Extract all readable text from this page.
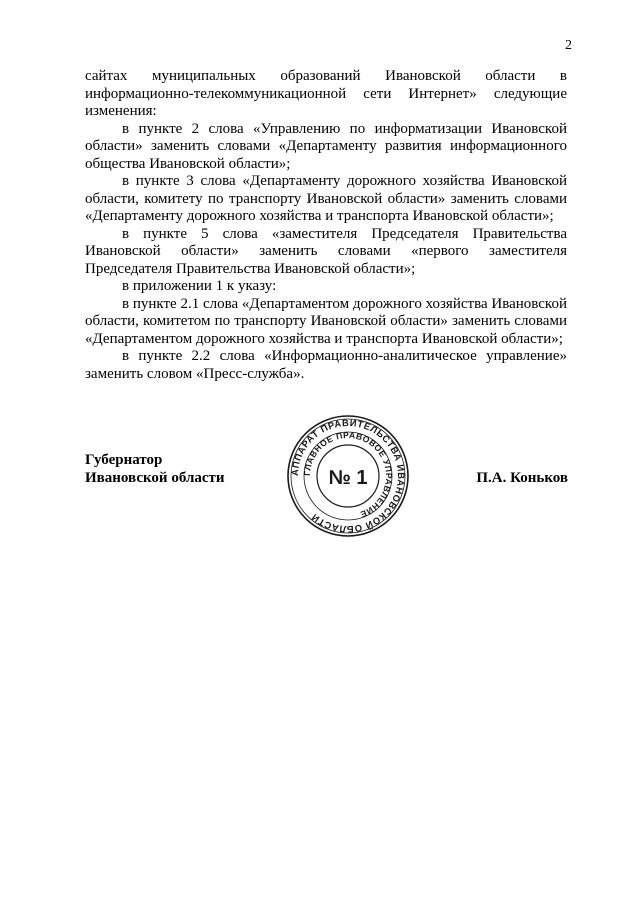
2

сайтах муниципальных образований Ивановской области в информационно-телекоммуникационной сети Интернет» следующие изменения:

в пункте 2 слова «Управлению по информатизации Ивановской области» заменить словами «Департаменту развития информационного общества Ивановской области»;

в пункте 3 слова «Департаменту дорожного хозяйства Ивановской области, комитету по транспорту Ивановской области» заменить словами «Департаменту дорожного хозяйства и транспорта Ивановской области»;

в пункте 5 слова «заместителя Председателя Правительства Ивановской области» заменить словами «первого заместителя Председателя Правительства Ивановской области»;

в приложении 1 к указу:

в пункте 2.1 слова «Департаментом дорожного хозяйства Ивановской области, комитетом по транспорту Ивановской области» заменить словами «Департаментом дорожного хозяйства и транспорта Ивановской области»;

в пункте 2.2 слова «Информационно-аналитическое управление» заменить словом «Пресс-служба».

Губернатор
Ивановской области	П.А. Коньков
АППАРАТ ПРАВИТЕЛЬСТВА ИВАНОВСКОЙ ОБЛАСТИ
ГЛАВНОЕ ПРАВОВОЕ УПРАВЛЕНИЕ
№ 1
